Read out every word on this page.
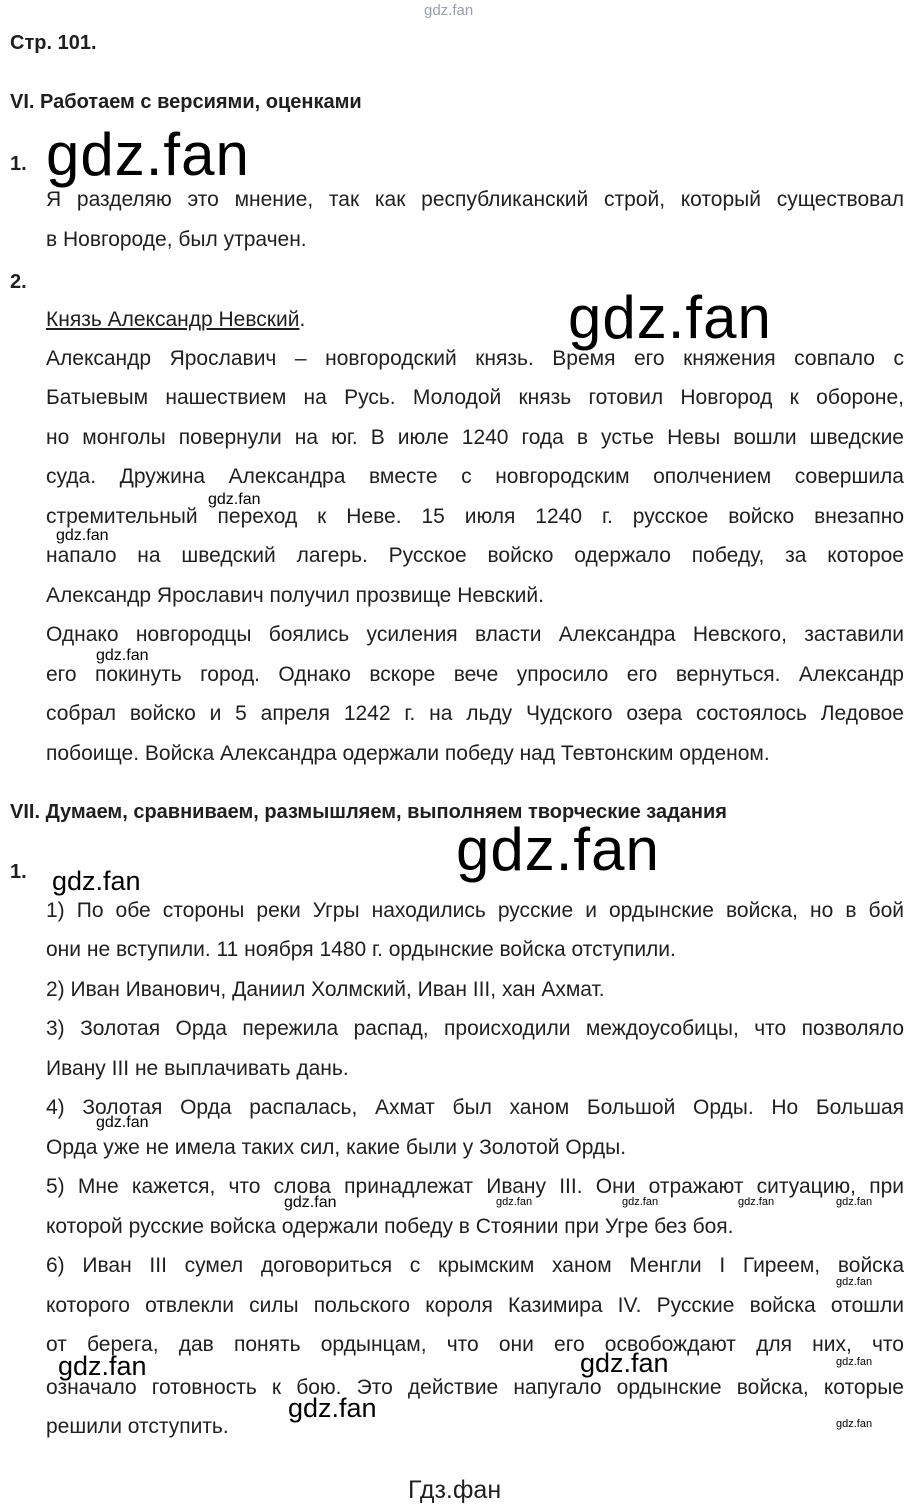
gdz.fan
Стр. 101.
VI. Работаем с версиями, оценками
1. gdz.fan
Я разделяю это мнение, так как республиканский строй, который существовал
в Новгороде, был утрачен.
2.
Князь Александр Невский.	gdz.fan
Александр Ярославич – новгородский князь. Время его княжения совпало с
Батыевым нашествием на Русь. Молодой князь готовил Новгород к обороне,
но монголы повернули на юг. В июле 1240 года в устье Невы вошли шведские
суда. Дружина Александра вместе с новгородским ополчением совершила
gdz.fan
стремительный переход к Неве. 15 июля 1240 г. русское войско внезапно
gdz.fan
напало на шведский лагерь. Русское войско одержало победу, за которое
Александр Ярославич получил прозвище Невский.
Однако новгородцы боялись усиления власти Александра Невского, заставили
gdz.fan
его покинуть город. Однако вскоре вече упросило его вернуться. Александр
собрал войско и 5 апреля 1242 г. на льду Чудского озера состоялось Ледовое
побоище. Войска Александра одержали победу над Тевтонским орденом.
VII. Думаем, сравниваем, размышляем, выполняем творческие задания
gdz.fan
1. gdz.fan
1) По обе стороны реки Угры находились русские и ордынские войска, но в бой
они не вступили. 11 ноября 1480 г. ордынские войска отступили.
2) Иван Иванович, Даниил Холмский, Иван III, хан Ахмат.
3) Золотая Орда пережила распад, происходили междоусобицы, что позволяло
Ивану III не выплачивать дань.
4) Золотая Орда распалась, Ахмат был ханом Большой Орды. Но Большая
gdz.fan
Орда уже не имела таких сил, какие были у Золотой Орды.
5) Мне кажется, что слова принадлежат Ивану III. Они отражают ситуацию, при
gdz.fan	gdz.fan	gdz.fan	gdz.fan	gdz.fan
которой русские войска одержали победу в Стоянии при Угре без боя.
6) Иван III сумел договориться с крымским ханом Менгли I Гиреем, войска
gdz.fan
которого отвлекли силы польского короля Казимира IV. Русские войска отошли
от берега, дав понять ордынцам, что они его освобождают для них, что
gdz.fan	gdz.fan	gdz.fan
означало готовность к бою. Это действие напугало ордынские войска, которые
gdz.fan
решили отступить.	gdz.fan
Гдз.фан
